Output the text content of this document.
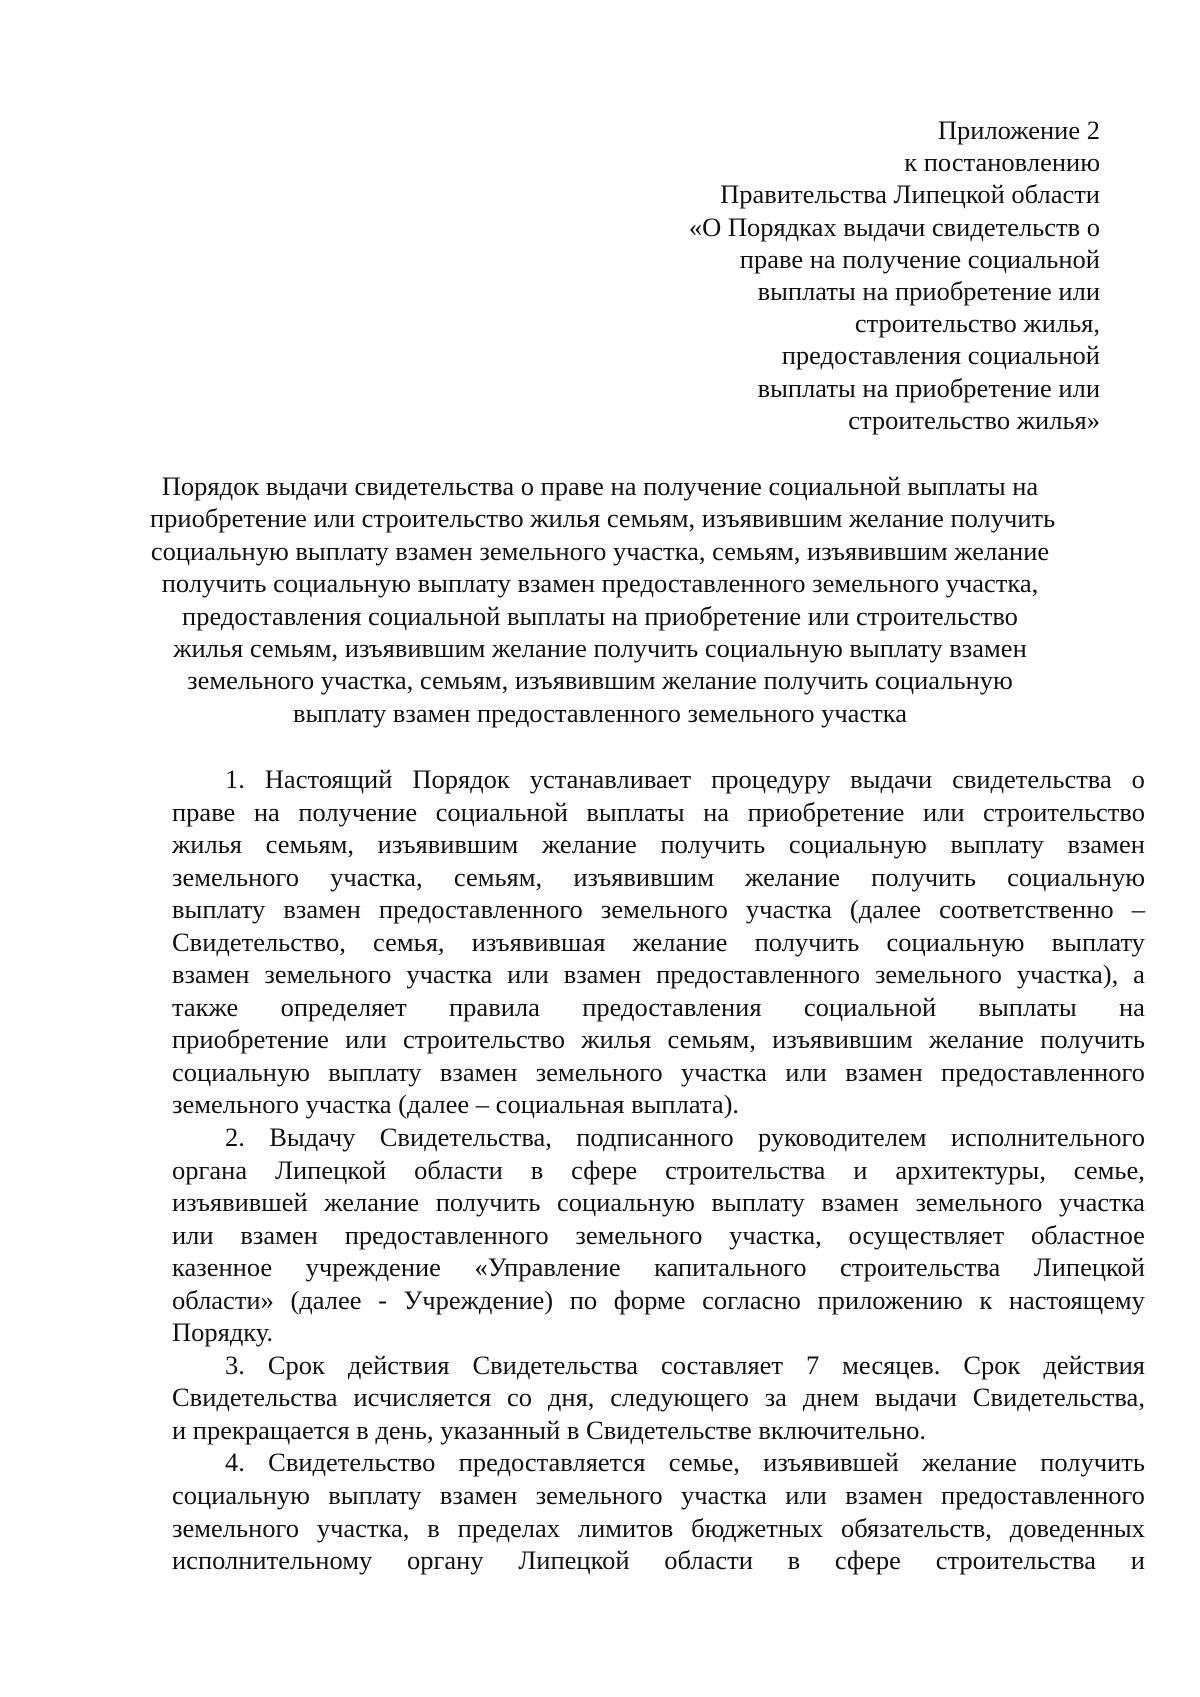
Приложение 2
к постановлению
Правительства Липецкой области
«О Порядках выдачи свидетельств о
праве на получение социальной
выплаты на приобретение или
строительство жилья,
предоставления социальной
выплаты на приобретение или
строительство жилья»
Порядок выдачи свидетельства о праве на получение социальной выплаты на
приобретение или строительство жилья семьям, изъявившим желание получить
социальную выплату взамен земельного участка, семьям, изъявившим желание
получить социальную выплату взамен предоставленного земельного участка,
предоставления социальной выплаты на приобретение или строительство
жилья семьям, изъявившим желание получить социальную выплату взамен
земельного участка, семьям, изъявившим желание получить социальную
выплату взамен предоставленного земельного участка
1. Настоящий Порядок устанавливает процедуру выдачи свидетельства о
праве на получение социальной выплаты на приобретение или строительство
жилья семьям, изъявившим желание получить социальную выплату взамен
земельного участка, семьям, изъявившим желание получить социальную
выплату взамен предоставленного земельного участка (далее соответственно –
Свидетельство, семья, изъявившая желание получить социальную выплату
взамен земельного участка или взамен предоставленного земельного участка), а
также определяет правила предоставления социальной выплаты на
приобретение или строительство жилья семьям, изъявившим желание получить
социальную выплату взамен земельного участка или взамен предоставленного
земельного участка (далее – социальная выплата).
2. Выдачу Свидетельства, подписанного руководителем исполнительного
органа Липецкой области в сфере строительства и архитектуры, семье,
изъявившей желание получить социальную выплату взамен земельного участка
или взамен предоставленного земельного участка, осуществляет областное
казенное учреждение «Управление капитального строительства Липецкой
области» (далее - Учреждение) по форме согласно приложению к настоящему
Порядку.
3. Срок действия Свидетельства составляет 7 месяцев. Срок действия
Свидетельства исчисляется со дня, следующего за днем выдачи Свидетельства,
и прекращается в день, указанный в Свидетельстве включительно.
4. Свидетельство предоставляется семье, изъявившей желание получить
социальную выплату взамен земельного участка или взамен предоставленного
земельного участка, в пределах лимитов бюджетных обязательств, доведенных
исполнительному органу Липецкой области в сфере строительства и
